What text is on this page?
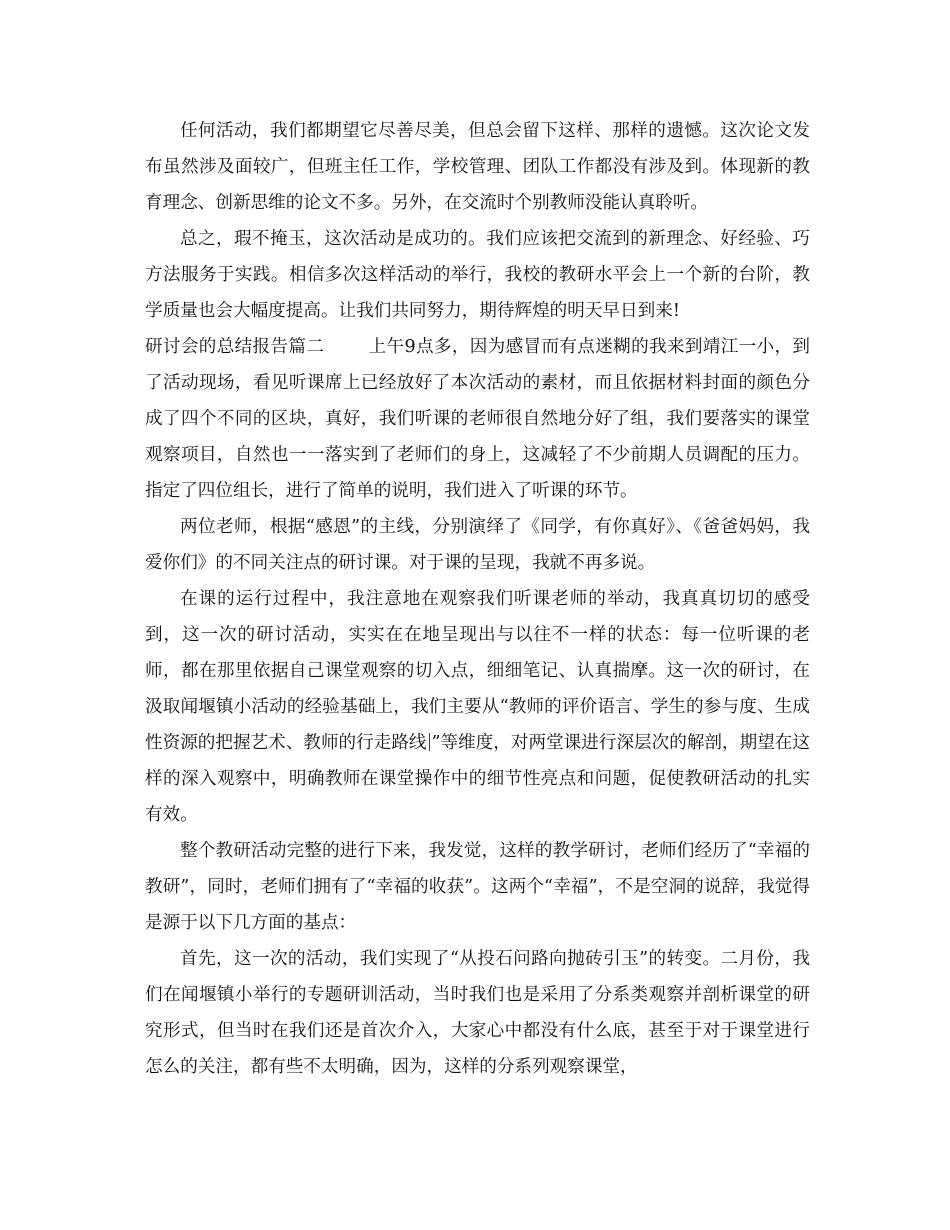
任何活动，我们都期望它尽善尽美，但总会留下这样、那样的遗憾。这次论文发布虽然涉及面较广，但班主任工作，学校管理、团队工作都没有涉及到。体现新的教育理念、创新思维的论文不多。另外，在交流时个别教师没能认真聆听。

总之，瑕不掩玉，这次活动是成功的。我们应该把交流到的新理念、好经验、巧方法服务于实践。相信多次这样活动的举行，我校的教研水平会上一个新的台阶，教学质量也会大幅度提高。让我们共同努力，期待辉煌的明天早日到来!

研讨会的总结报告篇二	上午9点多，因为感冒而有点迷糊的我来到靖江一小，到了活动现场，看见听课席上已经放好了本次活动的素材，而且依据材料封面的颜色分成了四个不同的区块，真好，我们听课的老师很自然地分好了组，我们要落实的课堂观察项目，自然也一一落实到了老师们的身上，这减轻了不少前期人员调配的压力。指定了四位组长，进行了简单的说明，我们进入了听课的环节。

两位老师，根据“感恩”的主线，分别演绎了《同学，有你真好》、《爸爸妈妈，我爱你们》的不同关注点的研讨课。对于课的呈现，我就不再多说。

在课的运行过程中，我注意地在观察我们听课老师的举动，我真真切切的感受到，这一次的研讨活动，实实在在地呈现出与以往不一样的状态：每一位听课的老师，都在那里依据自己课堂观察的切入点，细细笔记、认真揣摩。这一次的研讨，在汲取闻堰镇小活动的经验基础上，我们主要从“教师的评价语言、学生的参与度、生成性资源的把握艺术、教师的行走路线 ”等维度，对两堂课进行深层次的解剖，期望在这样的深入观察中，明确教师在课堂操作中的细节性亮点和问题，促使教研活动的扎实有效。

整个教研活动完整的进行下来，我发觉，这样的教学研讨，老师们经历了“幸福的教研”，同时，老师们拥有了“幸福的收获”。这两个“幸福”，不是空洞的说辞，我觉得是源于以下几方面的基点：

首先，这一次的活动，我们实现了“从投石问路向抛砖引玉”的转变。二月份，我们在闻堰镇小举行的专题研训活动，当时我们也是采用了分系类观察并剖析课堂的研究形式，但当时在我们还是首次介入，大家心中都没有什么底，甚至于对于课堂进行怎么的关注，都有些不太明确，因为，这样的分系列观察课堂，
